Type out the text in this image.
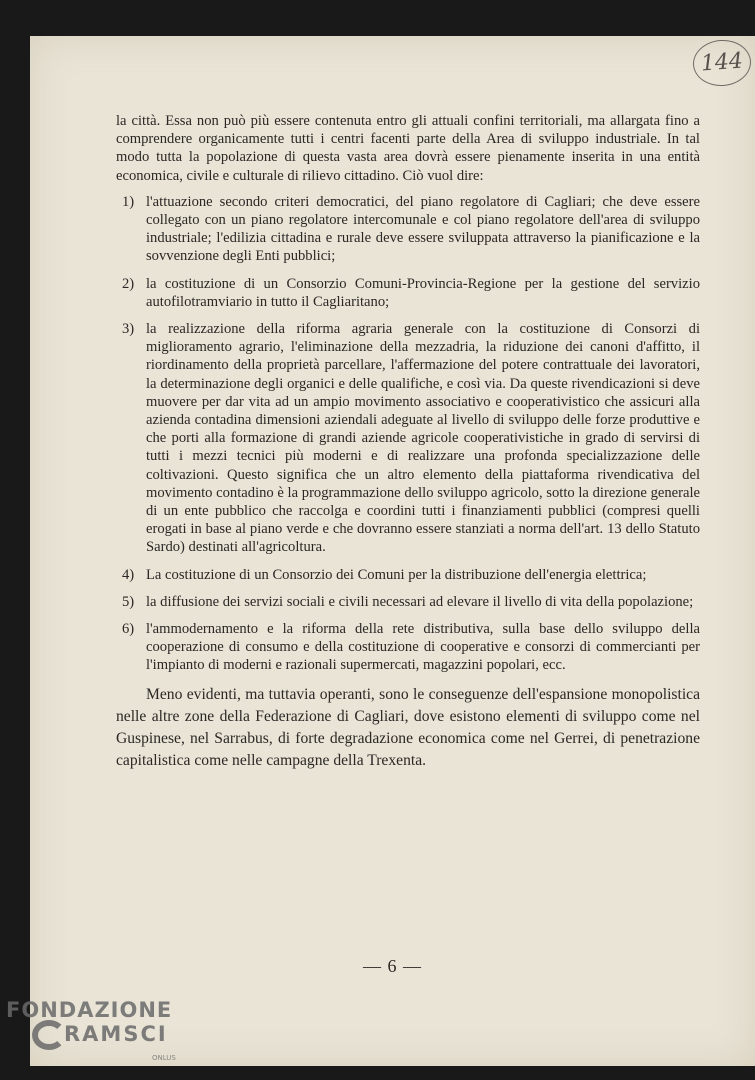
144

la città. Essa non può più essere contenuta entro gli attuali confini territoriali, ma allargata fino a comprendere organicamente tutti i centri facenti parte della Area di sviluppo industriale. In tal modo tutta la popolazione di questa vasta area dovrà essere pienamente inserita in una entità economica, civile e culturale di rilievo cittadino. Ciò vuol dire:

1) l'attuazione secondo criteri democratici, del piano regolatore di Cagliari; che deve essere collegato con un piano regolatore intercomunale e col piano regolatore dell'area di sviluppo industriale; l'edilizia cittadina e rurale deve essere sviluppata attraverso la pianificazione e la sovvenzione degli Enti pubblici;
2) la costituzione di un Consorzio Comuni-Provincia-Regione per la gestione del servizio autofilotramviario in tutto il Cagliaritano;
3) la realizzazione della riforma agraria generale con la costituzione di Consorzi di miglioramento agrario, l'eliminazione della mezzadria, la riduzione dei canoni d'affitto, il riordinamento della proprietà parcellare, l'affermazione del potere contrattuale dei lavoratori, la determinazione degli organici e delle qualifiche, e così via. Da queste rivendicazioni si deve muovere per dar vita ad un ampio movimento associativo e cooperativistico che assicuri alla azienda contadina dimensioni aziendali adeguate al livello di sviluppo delle forze produttive e che porti alla formazione di grandi aziende agricole cooperativistiche in grado di servirsi di tutti i mezzi tecnici più moderni e di realizzare una profonda specializzazione delle coltivazioni. Questo significa che un altro elemento della piattaforma rivendicativa del movimento contadino è la programmazione dello sviluppo agricolo, sotto la direzione generale di un ente pubblico che raccolga e coordini tutti i finanziamenti pubblici (compresi quelli erogati in base al piano verde e che dovranno essere stanziati a norma dell'art. 13 dello Statuto Sardo) destinati all'agricoltura.
4) La costituzione di un Consorzio dei Comuni per la distribuzione dell'energia elettrica;
5) la diffusione dei servizi sociali e civili necessari ad elevare il livello di vita della popolazione;
6) l'ammodernamento e la riforma della rete distributiva, sulla base dello sviluppo della cooperazione di consumo e della costituzione di cooperative e consorzi di commercianti per l'impianto di moderni e razionali supermercati, magazzini popolari, ecc.

Meno evidenti, ma tuttavia operanti, sono le conseguenze dell'espansione monopolistica nelle altre zone della Federazione di Cagliari, dove esistono elementi di sviluppo come nel Guspinese, nel Sarrabus, di forte degradazione economica come nel Gerrei, di penetrazione capitalistica come nelle campagne della Trexenta.

— 6 —
FONDAZIONE
RAMSCI
ONLUS
